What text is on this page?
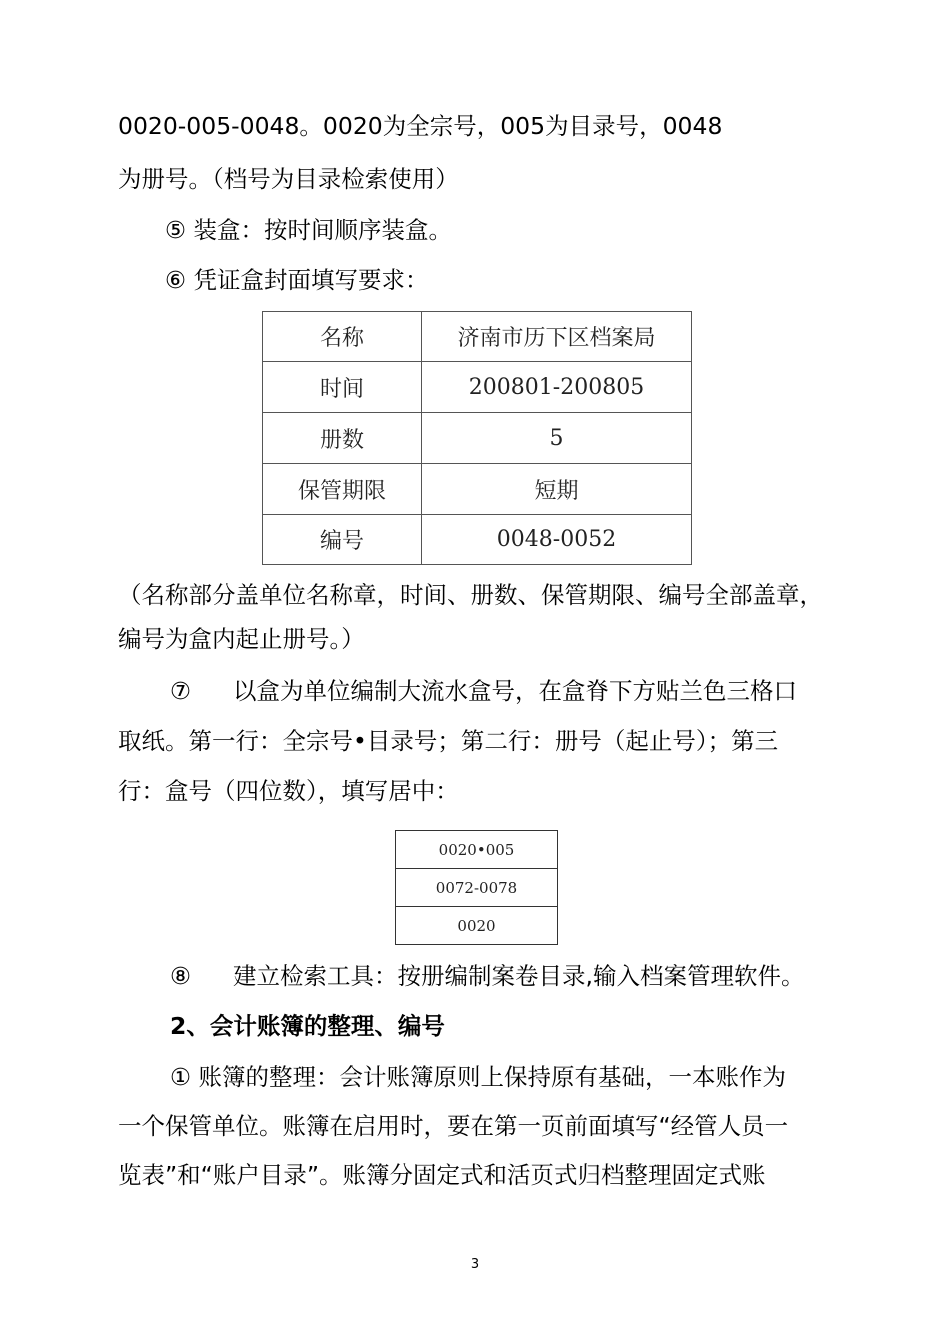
0020-005-0048。0020为全宗号，005为目录号，0048
为册号。（档号为目录检索使用）
⑤ 装盒：按时间顺序装盒。
⑥ 凭证盒封面填写要求：
名称	济南市历下区档案局
时间	200801-200805
册数	5
保管期限	短期
编号	0048-0052
（名称部分盖单位名称章，时间、册数、保管期限、编号全部盖章，
编号为盒内起止册号。）
⑦ 以盒为单位编制大流水盒号，在盒脊下方贴兰色三格口
取纸。第一行：全宗号•目录号；第二行：册号（起止号）；第三
行：盒号（四位数），填写居中：
0020•005
0072-0078
0020
⑧ 建立检索工具：按册编制案卷目录,输入档案管理软件。
2、会计账簿的整理、编号
① 账簿的整理：会计账簿原则上保持原有基础，一本账作为
一个保管单位。账簿在启用时，要在第一页前面填写“经管人员一
览表”和“账户目录”。账簿分固定式和活页式归档整理固定式账
3
